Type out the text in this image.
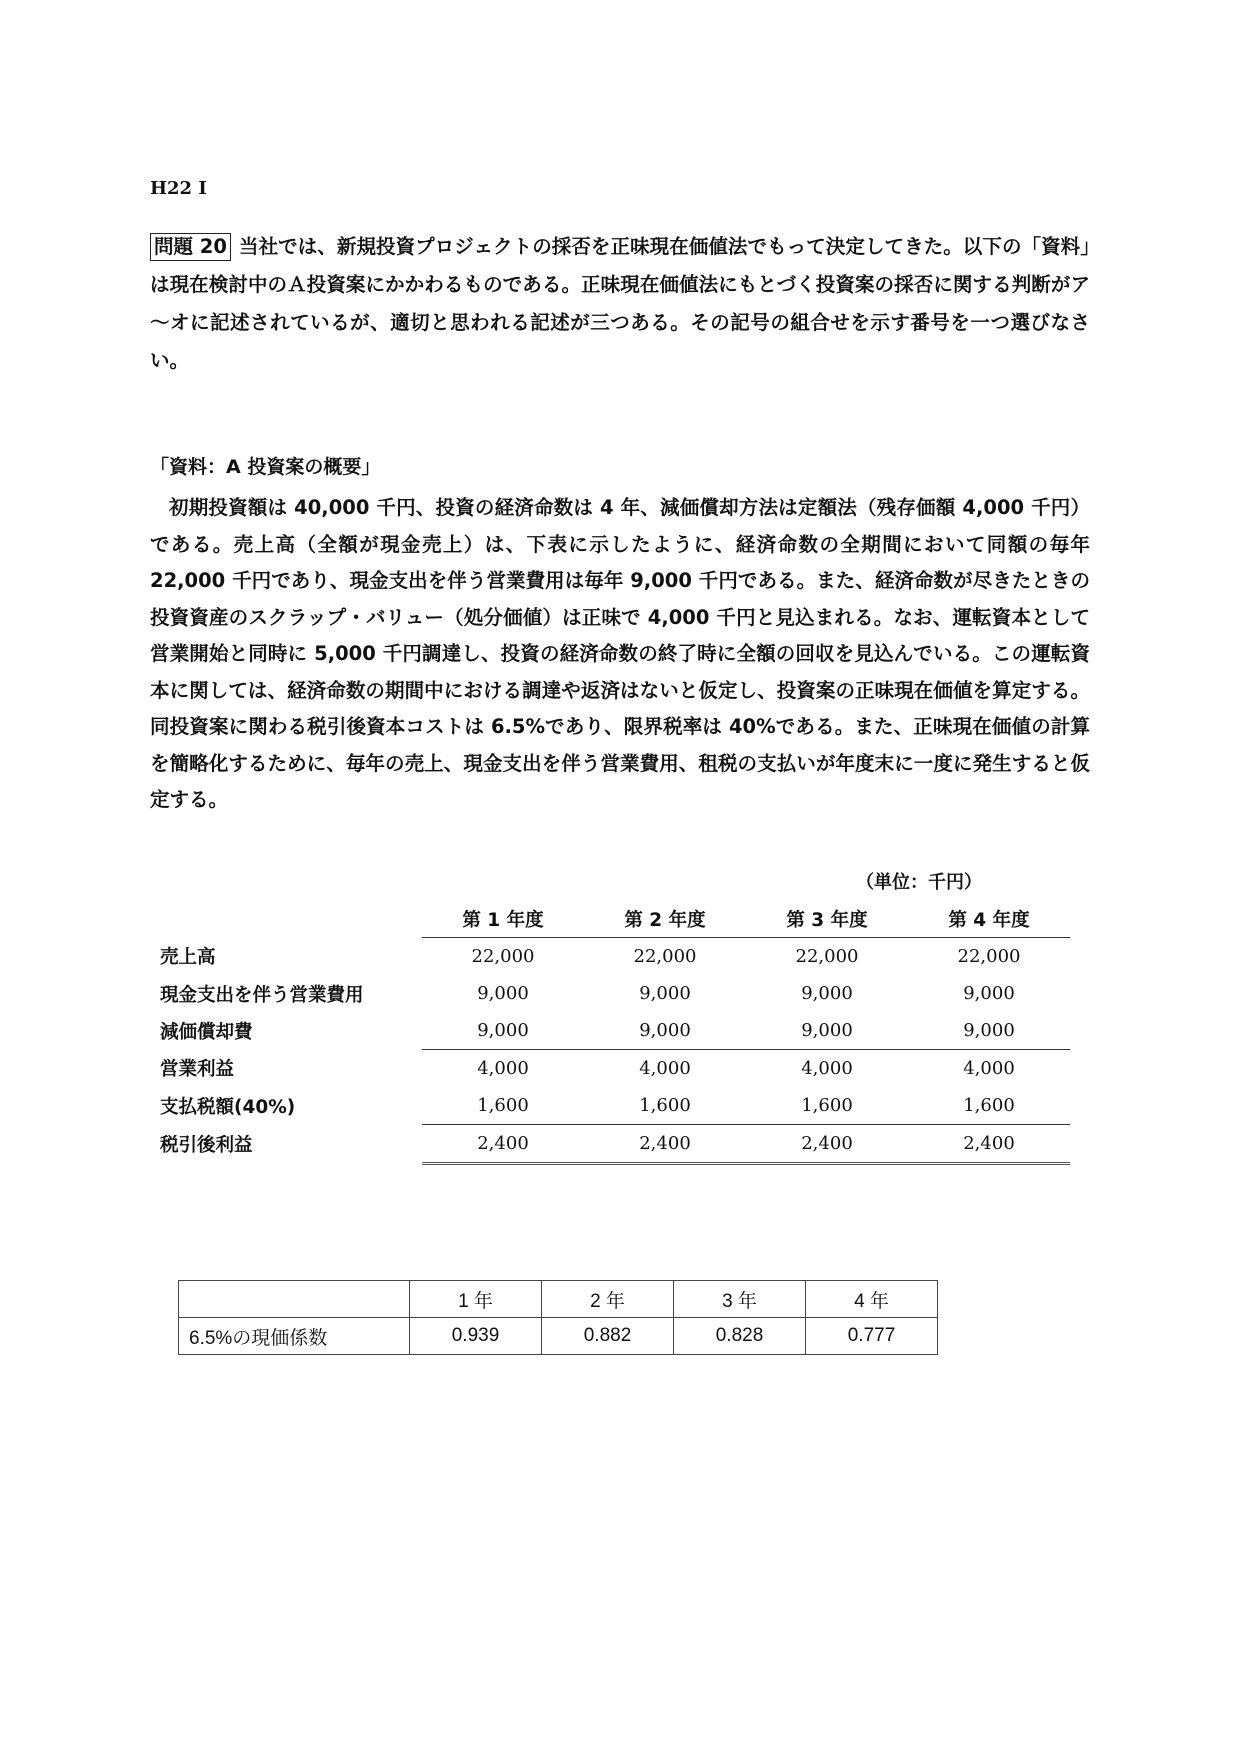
H22 Ⅰ
問題 20 当社では、新規投資プロジェクトの採否を正味現在価値法でもって決定してきた。以下の「資料」は現在検討中のＡ投資案にかかわるものである。正味現在価値法にもとづく投資案の採否に関する判断がア～オに記述されているが、適切と思われる記述が三つある。その記号の組合せを示す番号を一つ選びなさい。
「資料：A 投資案の概要」
初期投資額は 40,000 千円、投資の経済命数は 4 年、減価償却方法は定額法（残存価額 4,000 千円）である。売上高（全額が現金売上）は、下表に示したように、経済命数の全期間において同額の毎年 22,000 千円であり、現金支出を伴う営業費用は毎年 9,000 千円である。また、経済命数が尽きたときの投資資産のスクラップ・バリュー（処分価値）は正味で 4,000 千円と見込まれる。なお、運転資本として営業開始と同時に 5,000 千円調達し、投資の経済命数の終了時に全額の回収を見込んでいる。この運転資本に関しては、経済命数の期間中における調達や返済はないと仮定し、投資案の正味現在価値を算定する。同投資案に関わる税引後資本コストは 6.5%であり、限界税率は 40%である。また、正味現在価値の計算を簡略化するために、毎年の売上、現金支出を伴う営業費用、租税の支払いが年度末に一度に発生すると仮定する。
（単位：千円）
	第 1 年度	第 2 年度	第 3 年度	第 4 年度
売上高	22,000	22,000	22,000	22,000
現金支出を伴う営業費用	9,000	9,000	9,000	9,000
減価償却費	9,000	9,000	9,000	9,000
営業利益	4,000	4,000	4,000	4,000
支払税額(40%)	1,600	1,600	1,600	1,600
税引後利益	2,400	2,400	2,400	2,400
	1 年	2 年	3 年	4 年
6.5%の現価係数	0.939	0.882	0.828	0.777
